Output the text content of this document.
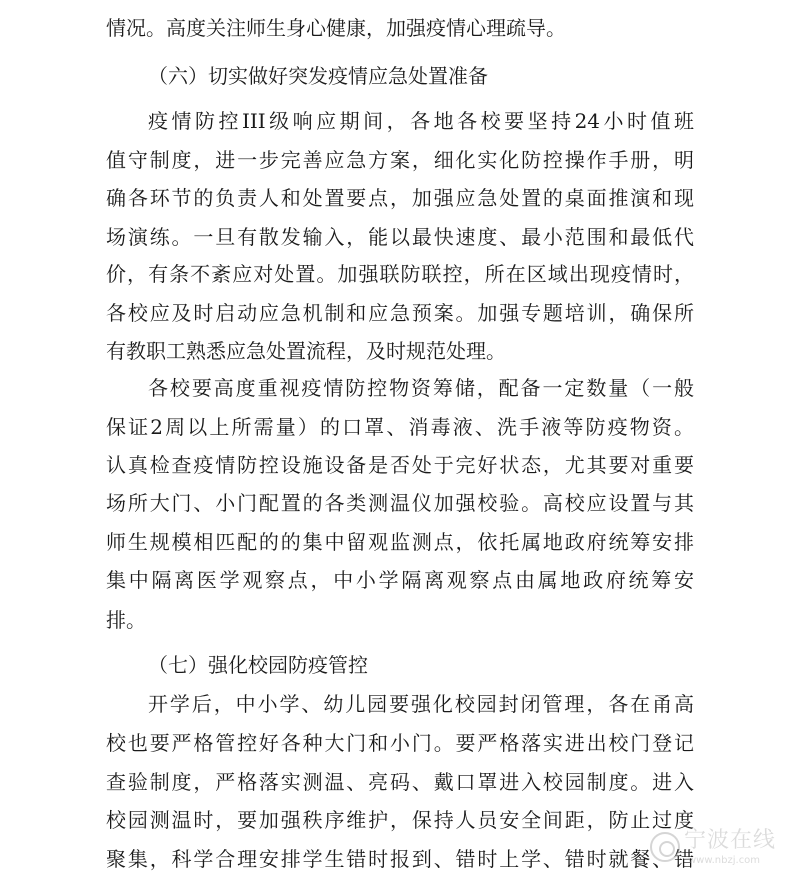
情况。高度关注师生身心健康，加强疫情心理疏导。
（六）切实做好突发疫情应急处置准备
疫情防控III级响应期间，各地各校要坚持24小时值班
值守制度，进一步完善应急方案，细化实化防控操作手册，明
确各环节的负责人和处置要点，加强应急处置的桌面推演和现
场演练。一旦有散发输入，能以最快速度、最小范围和最低代
价，有条不紊应对处置。加强联防联控，所在区域出现疫情时，
各校应及时启动应急机制和应急预案。加强专题培训，确保所
有教职工熟悉应急处置流程，及时规范处理。
各校要高度重视疫情防控物资筹储，配备一定数量（一般
保证2周以上所需量）的口罩、消毒液、洗手液等防疫物资。
认真检查疫情防控设施设备是否处于完好状态，尤其要对重要
场所大门、小门配置的各类测温仪加强校验。高校应设置与其
师生规模相匹配的的集中留观监测点，依托属地政府统筹安排
集中隔离医学观察点，中小学隔离观察点由属地政府统筹安
排。
（七）强化校园防疫管控
开学后，中小学、幼儿园要强化校园封闭管理，各在甬高
校也要严格管控好各种大门和小门。要严格落实进出校门登记
查验制度，严格落实测温、亮码、戴口罩进入校园制度。进入
校园测温时，要加强秩序维护，保持人员安全间距，防止过度
聚集，科学合理安排学生错时报到、错时上学、错时就餐、错
宁波在线
www.nbzj.com
